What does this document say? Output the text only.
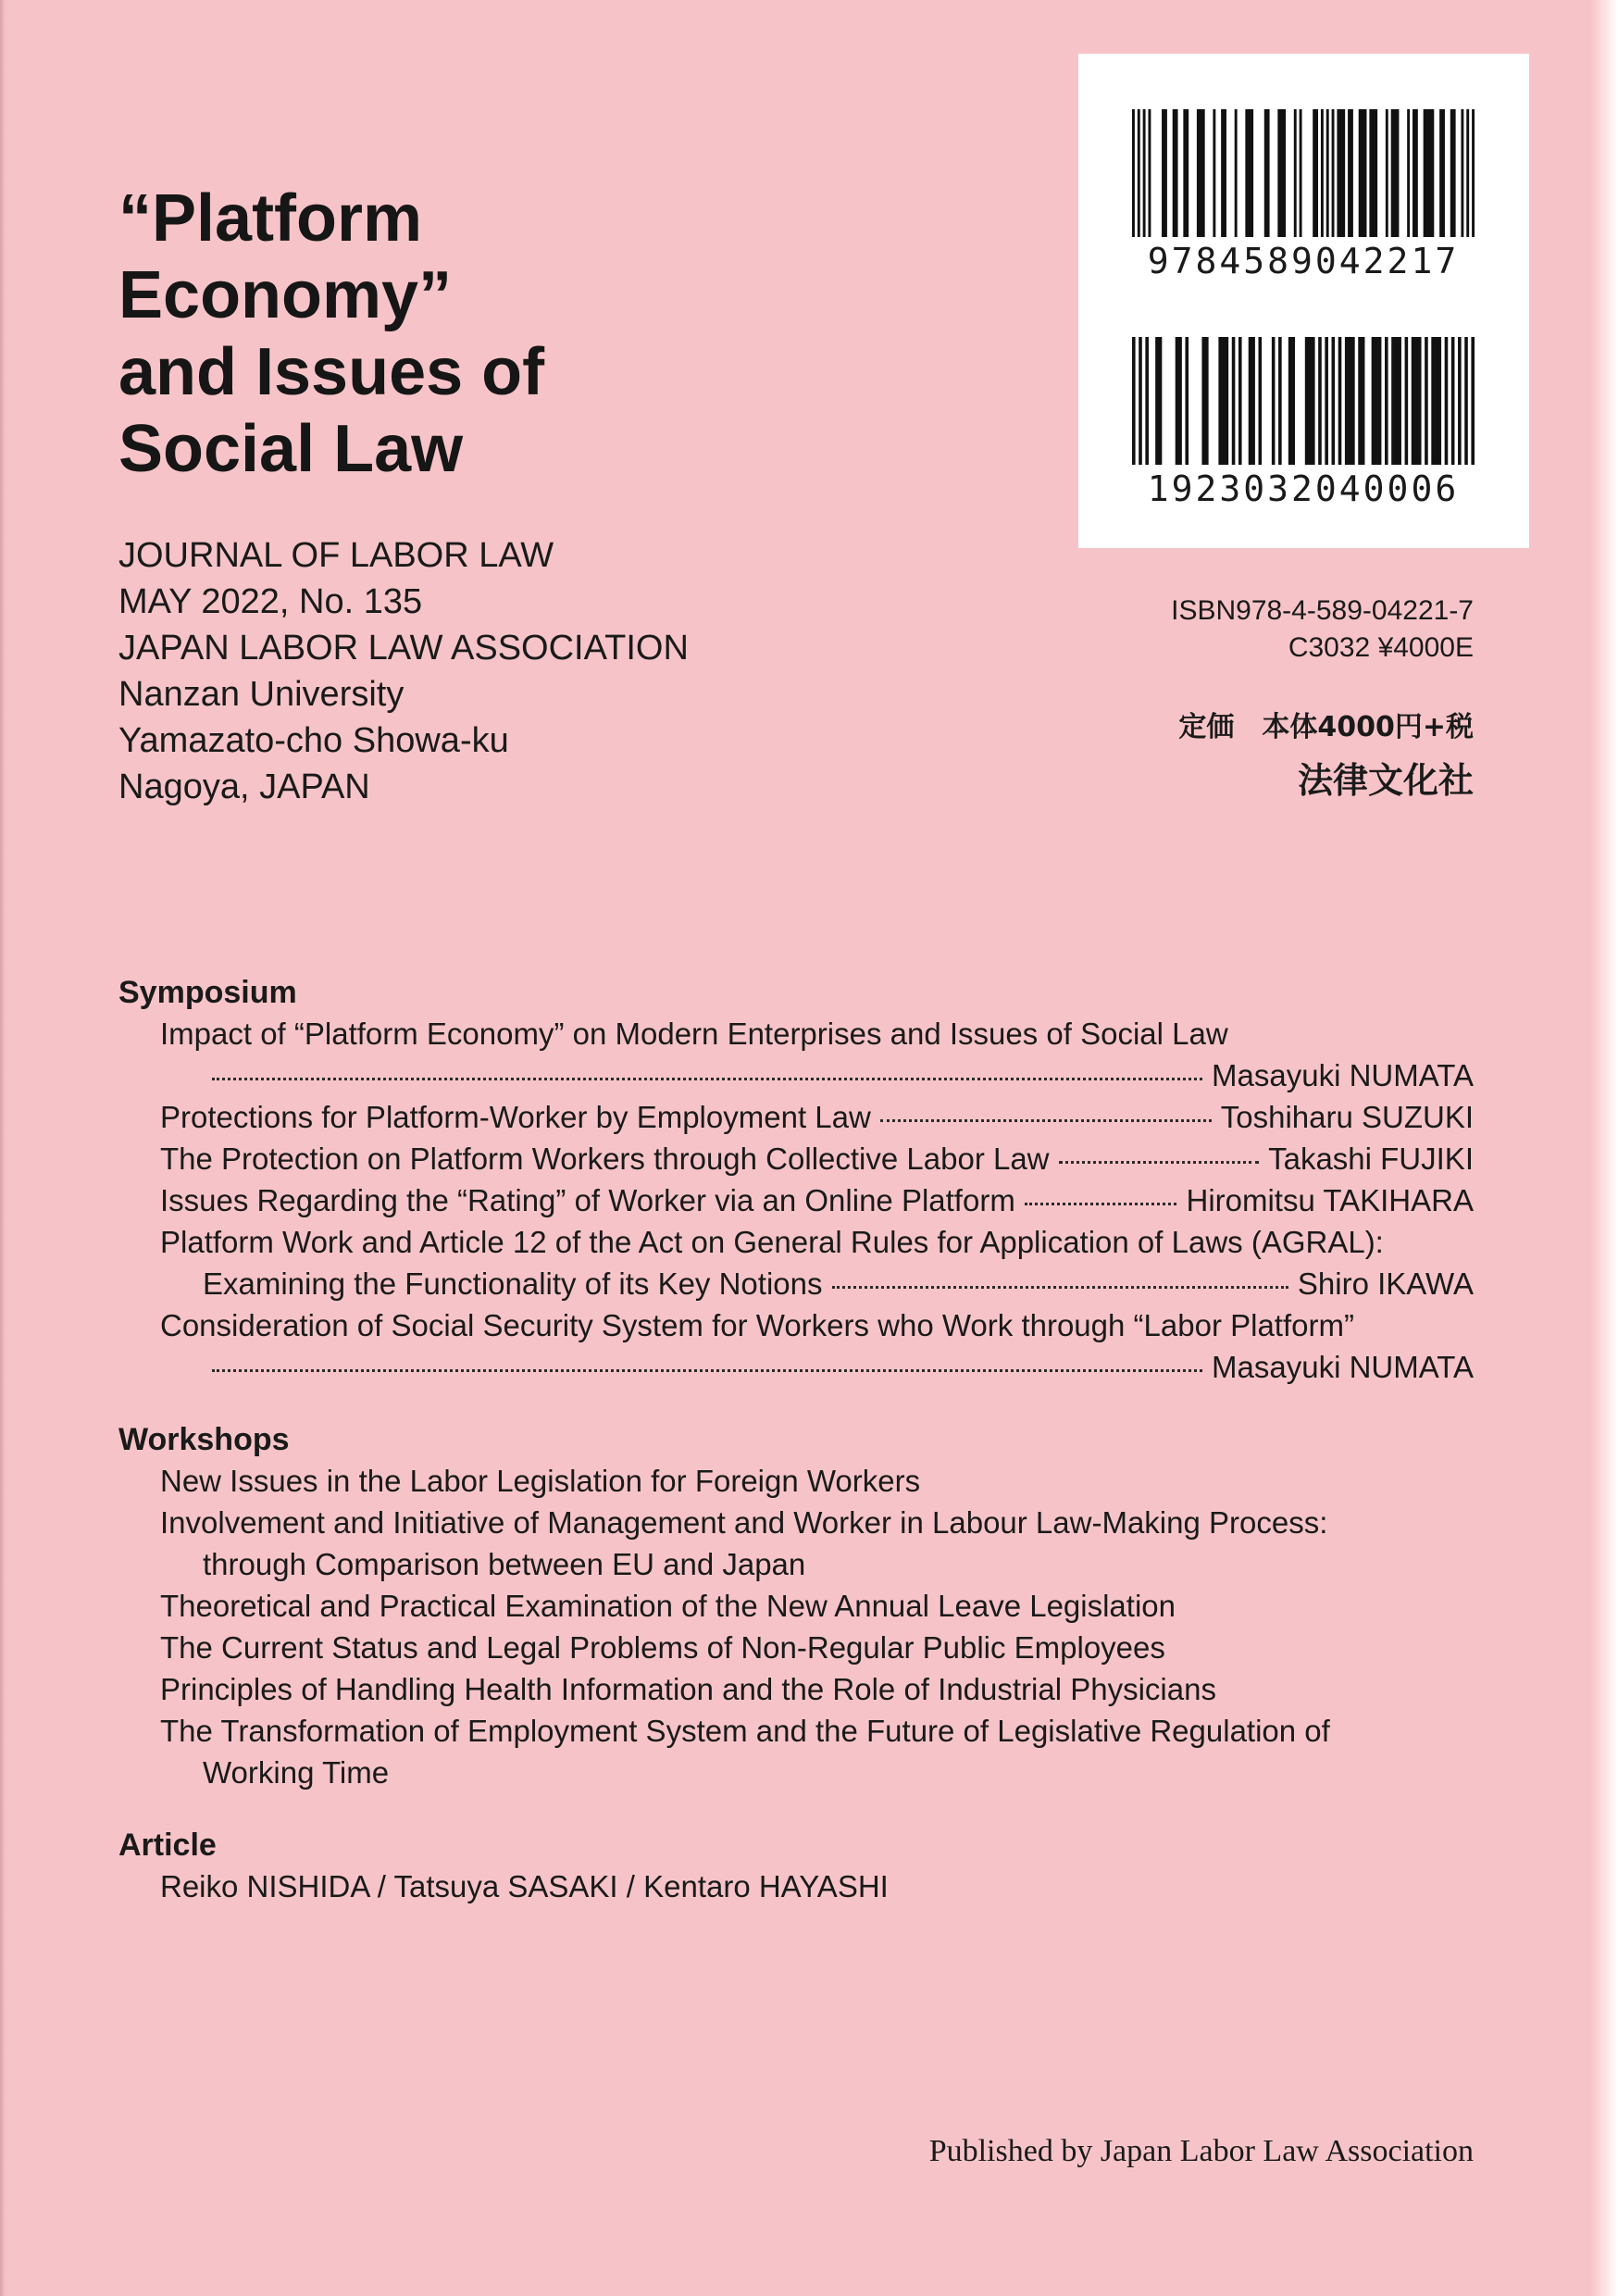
“Platform
Economy”
and Issues of
Social Law
JOURNAL OF LABOR LAW
MAY 2022, No. 135
JAPAN LABOR LAW ASSOCIATION
Nanzan University
Yamazato-cho Showa-ku
Nagoya, JAPAN
9784589042217
1923032040006
ISBN978-4-589-04221-7
C3032 ¥4000E
定価　本体4000円+税
法律文化社
Symposium
Impact of “Platform Economy” on Modern Enterprises and Issues of Social Law
Masayuki NUMATA
Protections for Platform-Worker by Employment Law	Toshiharu SUZUKI
The Protection on Platform Workers through Collective Labor Law	Takashi FUJIKI
Issues Regarding the “Rating” of Worker via an Online Platform	Hiromitsu TAKIHARA
Platform Work and Article 12 of the Act on General Rules for Application of Laws (AGRAL):
Examining the Functionality of its Key Notions	Shiro IKAWA
Consideration of Social Security System for Workers who Work through “Labor Platform”
Masayuki NUMATA
Workshops
New Issues in the Labor Legislation for Foreign Workers
Involvement and Initiative of Management and Worker in Labour Law-Making Process:
through Comparison between EU and Japan
Theoretical and Practical Examination of the New Annual Leave Legislation
The Current Status and Legal Problems of Non-Regular Public Employees
Principles of Handling Health Information and the Role of Industrial Physicians
The Transformation of Employment System and the Future of Legislative Regulation of
Working Time
Article
Reiko NISHIDA / Tatsuya SASAKI / Kentaro HAYASHI
Published by Japan Labor Law Association
